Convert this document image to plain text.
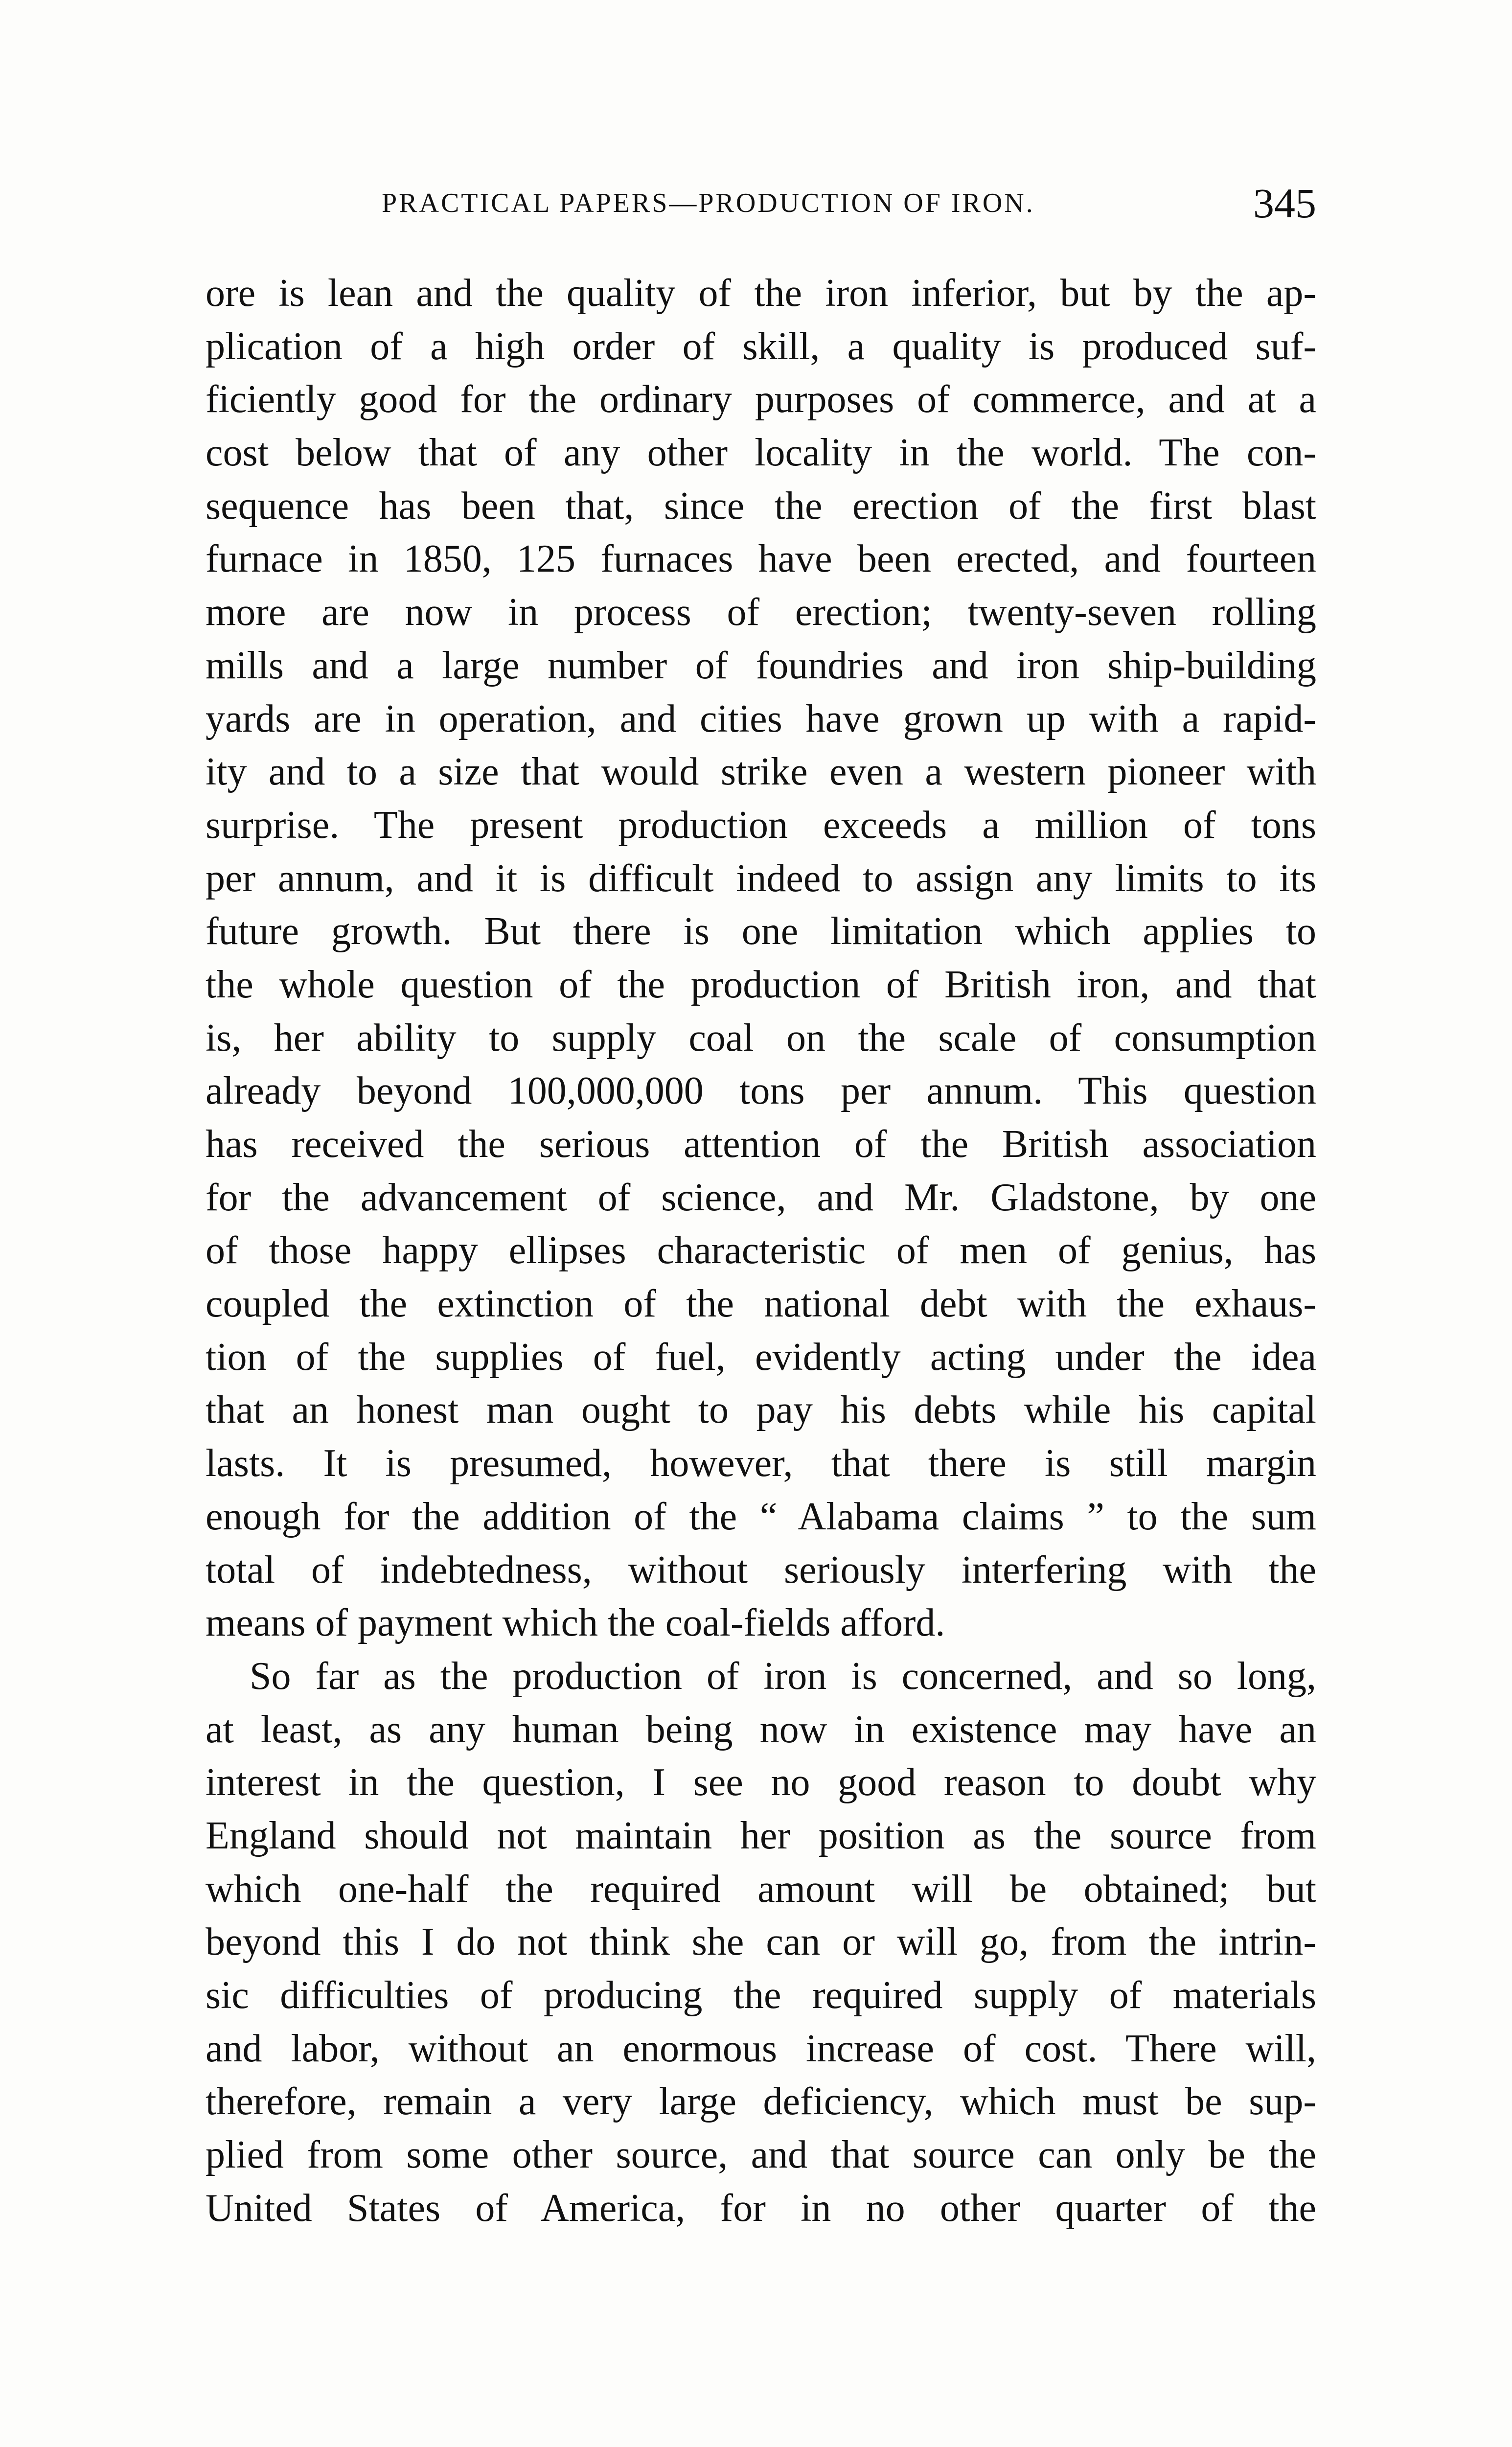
PRACTICAL PAPERS—PRODUCTION OF IRON.	345
ore is lean and the quality of the iron inferior, but by the ap-
plication of a high order of skill, a quality is produced suf-
ficiently good for the ordinary purposes of commerce, and at a
cost below that of any other locality in the world. The con-
sequence has been that, since the erection of the first blast
furnace in 1850, 125 furnaces have been erected, and fourteen
more are now in process of erection; twenty-seven rolling
mills and a large number of foundries and iron ship-building
yards are in operation, and cities have grown up with a rapid-
ity and to a size that would strike even a western pioneer with
surprise. The present production exceeds a million of tons
per annum, and it is difficult indeed to assign any limits to its
future growth. But there is one limitation which applies to
the whole question of the production of British iron, and that
is, her ability to supply coal on the scale of consumption
already beyond 100,000,000 tons per annum. This question
has received the serious attention of the British association
for the advancement of science, and Mr. Gladstone, by one
of those happy ellipses characteristic of men of genius, has
coupled the extinction of the national debt with the exhaus-
tion of the supplies of fuel, evidently acting under the idea
that an honest man ought to pay his debts while his capital
lasts. It is presumed, however, that there is still margin
enough for the addition of the “ Alabama claims ” to the sum
total of indebtedness, without seriously interfering with the
means of payment which the coal-fields afford.
So far as the production of iron is concerned, and so long,
at least, as any human being now in existence may have an
interest in the question, I see no good reason to doubt why
England should not maintain her position as the source from
which one-half the required amount will be obtained; but
beyond this I do not think she can or will go, from the intrin-
sic difficulties of producing the required supply of materials
and labor, without an enormous increase of cost. There will,
therefore, remain a very large deficiency, which must be sup-
plied from some other source, and that source can only be the
United States of America, for in no other quarter of the
